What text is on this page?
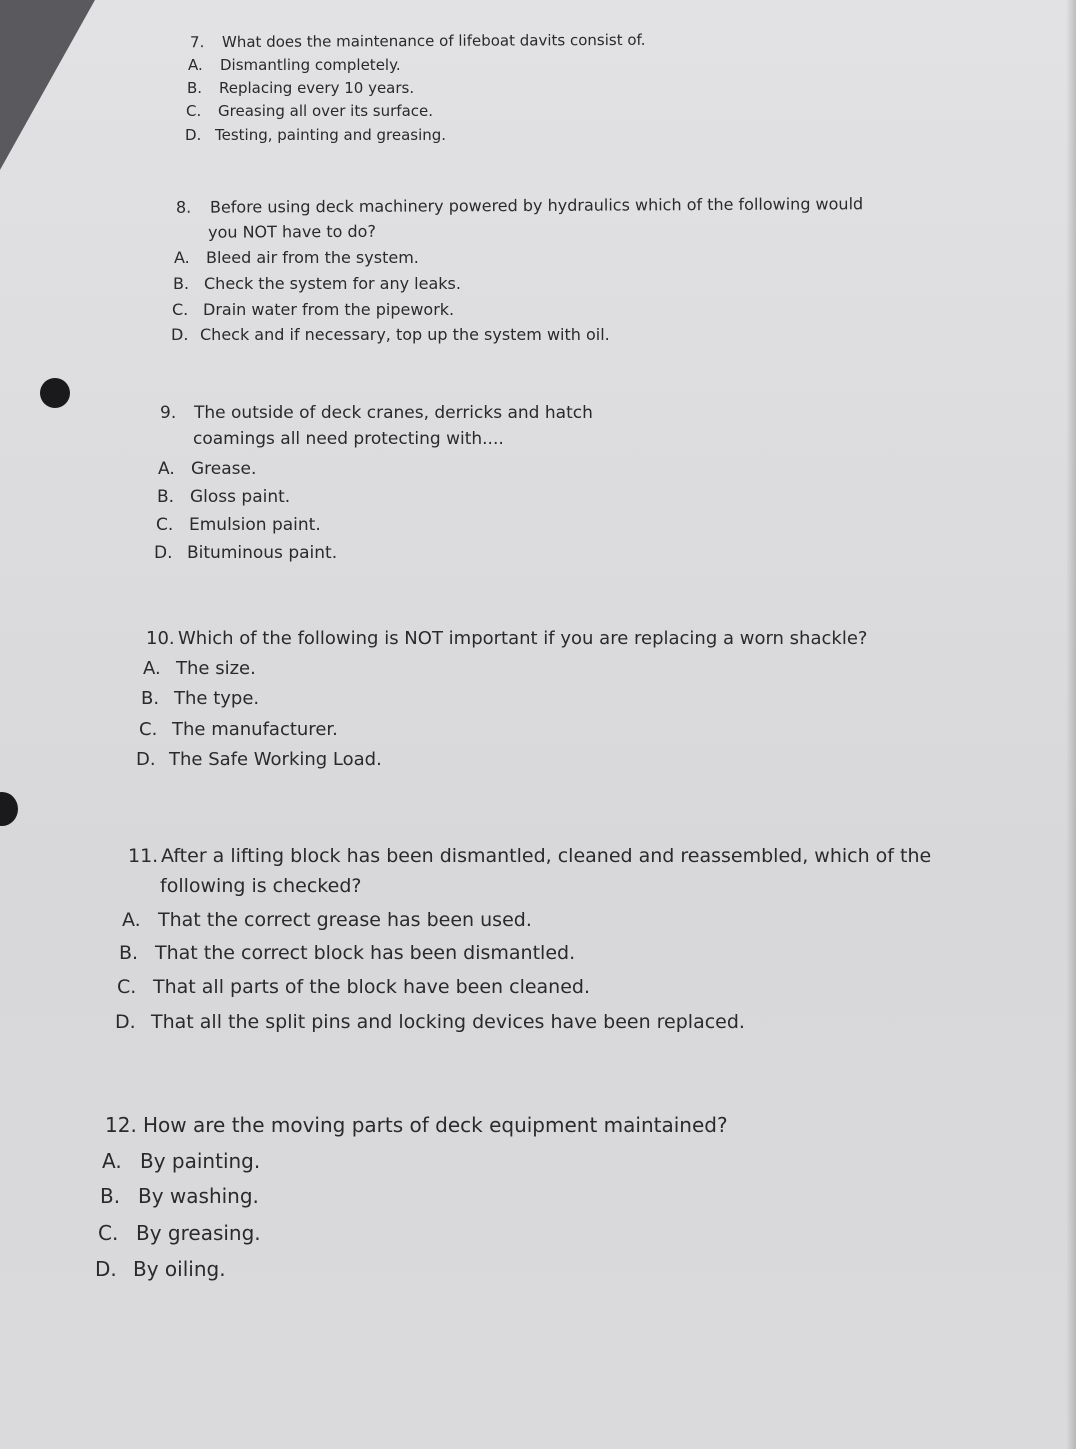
7. What does the maintenance of lifeboat davits consist of.
A. Dismantling completely.
B. Replacing every 10 years.
C. Greasing all over its surface.
D. Testing, painting and greasing.
8. Before using deck machinery powered by hydraulics which of the following would
you NOT have to do?
A. Bleed air from the system.
B. Check the system for any leaks.
C. Drain water from the pipework.
D. Check and if necessary, top up the system with oil.
9. The outside of deck cranes, derricks and hatch
coamings all need protecting with....
A. Grease.
B. Gloss paint.
C. Emulsion paint.
D. Bituminous paint.
10. Which of the following is NOT important if you are replacing a worn shackle?
A. The size.
B. The type.
C. The manufacturer.
D. The Safe Working Load.
11. After a lifting block has been dismantled, cleaned and reassembled, which of the
following is checked?
A. That the correct grease has been used.
B. That the correct block has been dismantled.
C. That all parts of the block have been cleaned.
D. That all the split pins and locking devices have been replaced.
12. How are the moving parts of deck equipment maintained?
A. By painting.
B. By washing.
C. By greasing.
D. By oiling.
